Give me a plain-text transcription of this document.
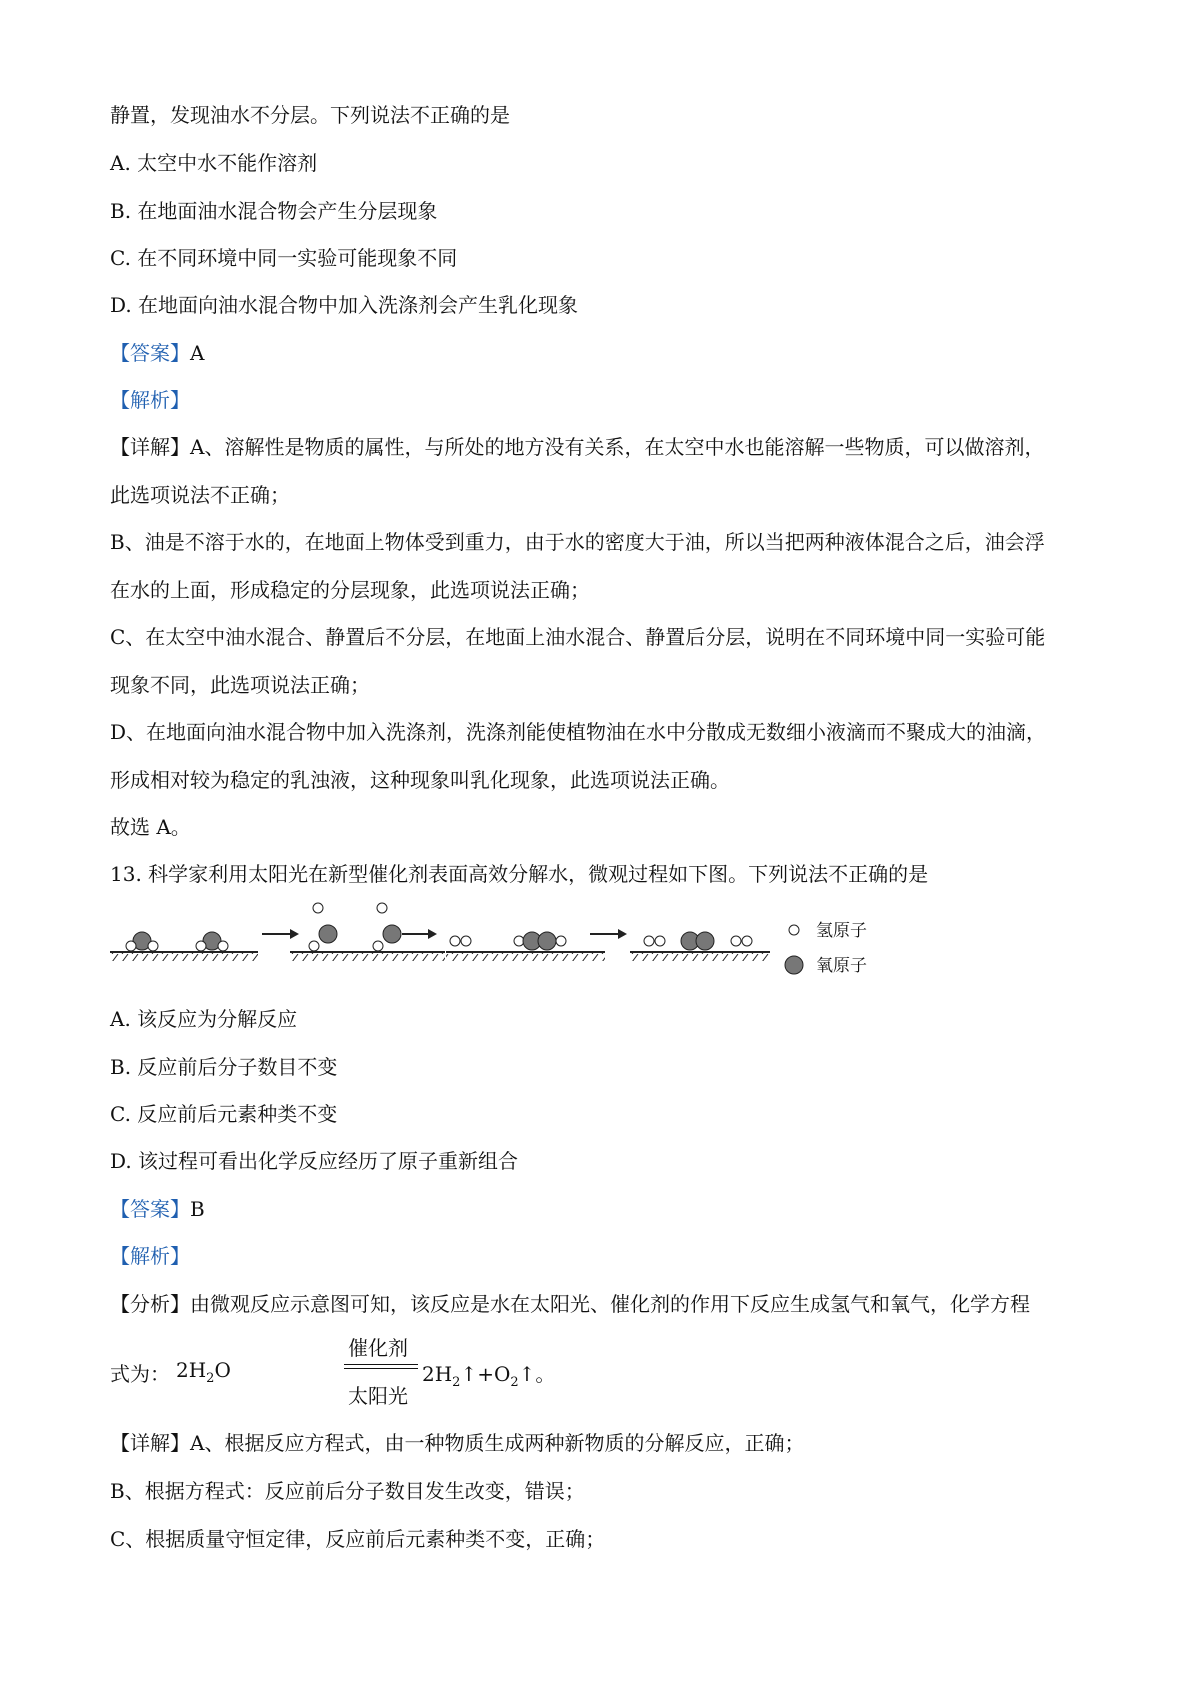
静置，发现油水不分层。下列说法不正确的是
A. 太空中水不能作溶剂
B. 在地面油水混合物会产生分层现象
C. 在不同环境中同一实验可能现象不同
D. 在地面向油水混合物中加入洗涤剂会产生乳化现象
【答案】A
【解析】
【详解】A、溶解性是物质的属性，与所处的地方没有关系，在太空中水也能溶解一些物质，可以做溶剂，
此选项说法不正确；
B、油是不溶于水的，在地面上物体受到重力，由于水的密度大于油，所以当把两种液体混合之后，油会浮
在水的上面，形成稳定的分层现象，此选项说法正确；
C、在太空中油水混合、静置后不分层，在地面上油水混合、静置后分层，说明在不同环境中同一实验可能
现象不同，此选项说法正确；
D、在地面向油水混合物中加入洗涤剂，洗涤剂能使植物油在水中分散成无数细小液滴而不聚成大的油滴，
形成相对较为稳定的乳浊液，这种现象叫乳化现象，此选项说法正确。
故选 A。
13. 科学家利用太阳光在新型催化剂表面高效分解水，微观过程如下图。下列说法不正确的是
氢原子
氧原子
A. 该反应为分解反应
B. 反应前后分子数目不变
C. 反应前后元素种类不变
D. 该过程可看出化学反应经历了原子重新组合
【答案】B
【解析】
【分析】由微观反应示意图可知，该反应是水在太阳光、催化剂的作用下反应生成氢气和氧气，化学方程
式为： $2H_2O$
催化剂
太阳光
$2H_2↑+O_2↑$。
【详解】A、根据反应方程式，由一种物质生成两种新物质的分解反应，正确；
B、根据方程式：反应前后分子数目发生改变，错误；
C、根据质量守恒定律，反应前后元素种类不变，正确；
